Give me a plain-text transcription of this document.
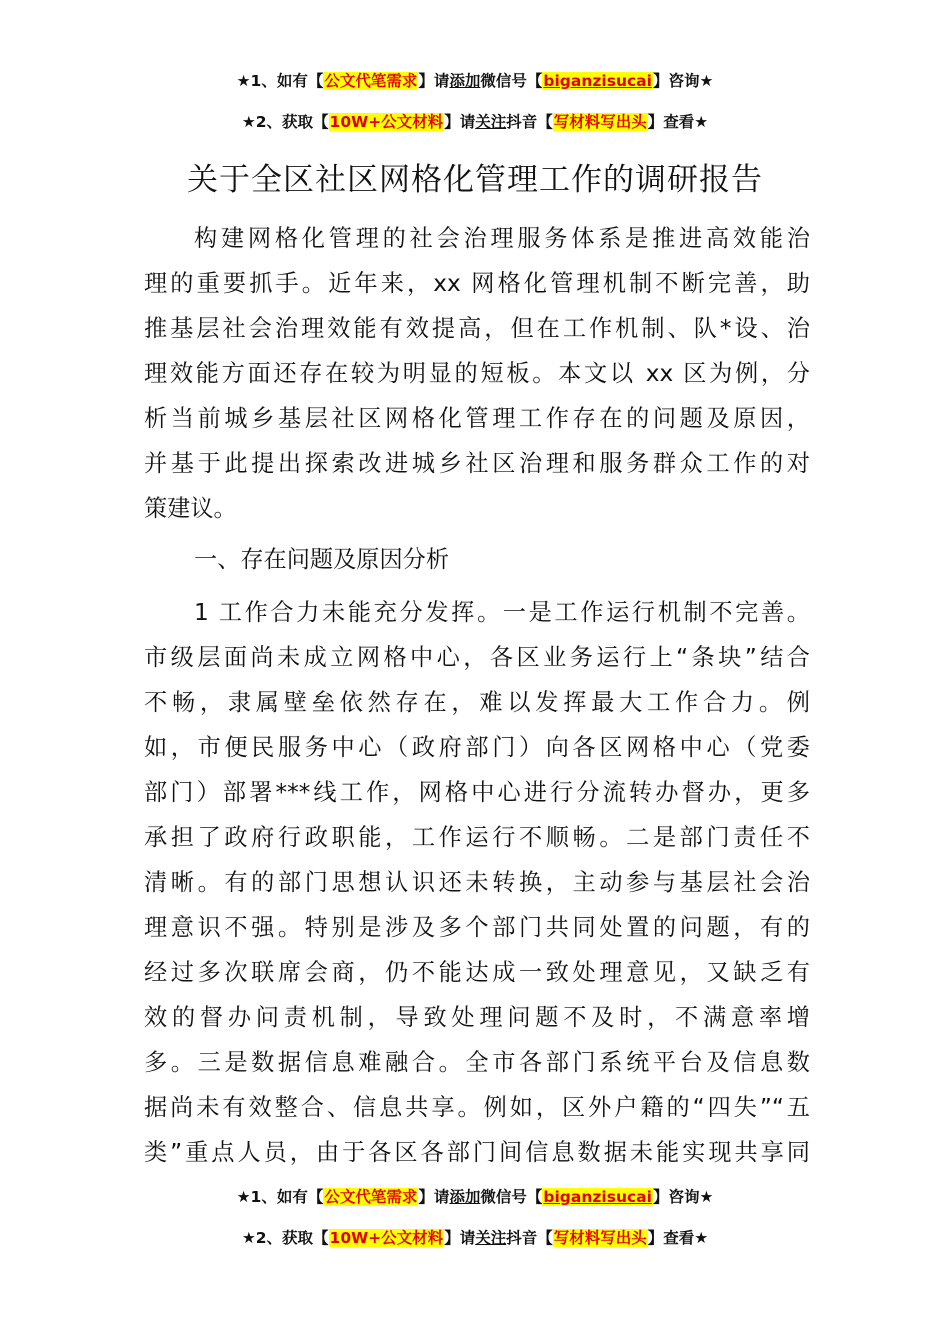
★1、如有【公文代笔需求】请添加微信号【biganzisucai】咨询★
★2、获取【10W+公文材料】请关注抖音【写材料写出头】查看★
关于全区社区网格化管理工作的调研报告
构建网格化管理的社会治理服务体系是推进高效能治
理的重要抓手。近年来，xx 网格化管理机制不断完善，助
推基层社会治理效能有效提高，但在工作机制、队*设、治
理效能方面还存在较为明显的短板。本文以 xx 区为例，分
析当前城乡基层社区网格化管理工作存在的问题及原因，
并基于此提出探索改进城乡社区治理和服务群众工作的对
策建议。
一、存在问题及原因分析
1 工作合力未能充分发挥。一是工作运行机制不完善。
市级层面尚未成立网格中心，各区业务运行上“条块”结合
不畅，隶属壁垒依然存在，难以发挥最大工作合力。例
如，市便民服务中心（政府部门）向各区网格中心（党委
部门）部署***线工作，网格中心进行分流转办督办，更多
承担了政府行政职能，工作运行不顺畅。二是部门责任不
清晰。有的部门思想认识还未转换，主动参与基层社会治
理意识不强。特别是涉及多个部门共同处置的问题，有的
经过多次联席会商，仍不能达成一致处理意见，又缺乏有
效的督办问责机制，导致处理问题不及时，不满意率增
多。三是数据信息难融合。全市各部门系统平台及信息数
据尚未有效整合、信息共享。例如，区外户籍的“四失”“五
类”重点人员，由于各区各部门间信息数据未能实现共享同
★1、如有【公文代笔需求】请添加微信号【biganzisucai】咨询★
★2、获取【10W+公文材料】请关注抖音【写材料写出头】查看★
